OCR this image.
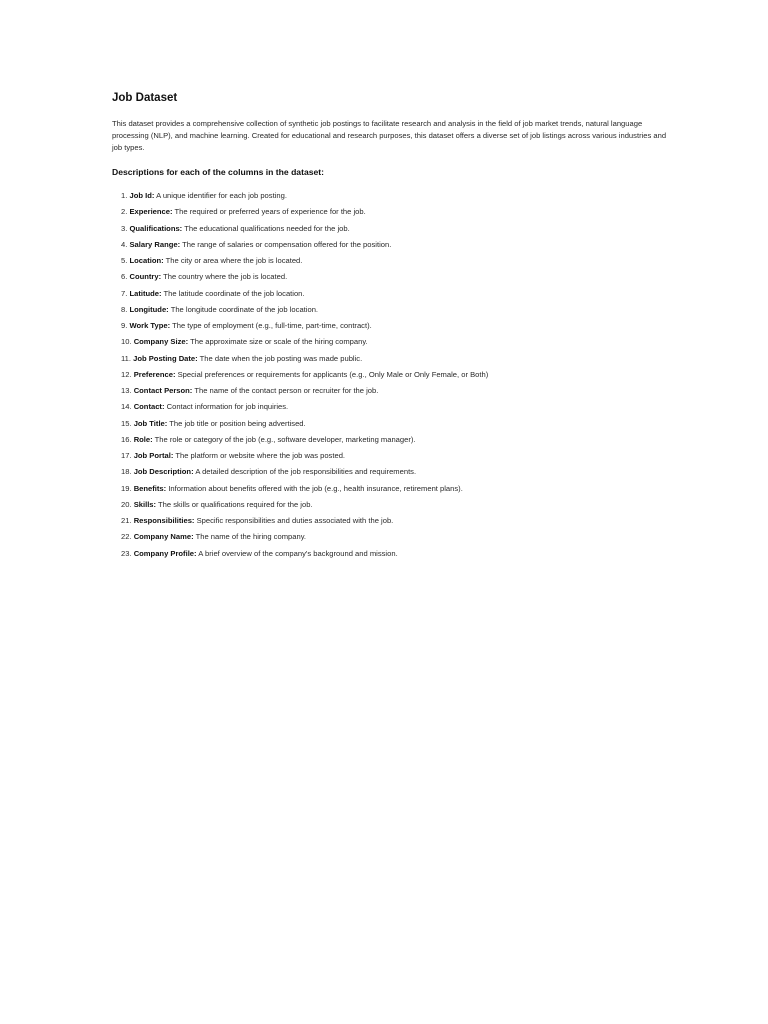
Job Dataset

This dataset provides a comprehensive collection of synthetic job postings to facilitate research and analysis in the field of job market trends, natural language processing (NLP), and machine learning. Created for educational and research purposes, this dataset offers a diverse set of job listings across various industries and job types.

Descriptions for each of the columns in the dataset:
1. Job Id: A unique identifier for each job posting.
2. Experience: The required or preferred years of experience for the job.
3. Qualifications: The educational qualifications needed for the job.
4. Salary Range: The range of salaries or compensation offered for the position.
5. Location: The city or area where the job is located.
6. Country: The country where the job is located.
7. Latitude: The latitude coordinate of the job location.
8. Longitude: The longitude coordinate of the job location.
9. Work Type: The type of employment (e.g., full-time, part-time, contract).
10. Company Size: The approximate size or scale of the hiring company.
11. Job Posting Date: The date when the job posting was made public.
12. Preference: Special preferences or requirements for applicants (e.g., Only Male or Only Female, or Both)
13. Contact Person: The name of the contact person or recruiter for the job.
14. Contact: Contact information for job inquiries.
15. Job Title: The job title or position being advertised.
16. Role: The role or category of the job (e.g., software developer, marketing manager).
17. Job Portal: The platform or website where the job was posted.
18. Job Description: A detailed description of the job responsibilities and requirements.
19. Benefits: Information about benefits offered with the job (e.g., health insurance, retirement plans).
20. Skills: The skills or qualifications required for the job.
21. Responsibilities: Specific responsibilities and duties associated with the job.
22. Company Name: The name of the hiring company.
23. Company Profile: A brief overview of the company's background and mission.
